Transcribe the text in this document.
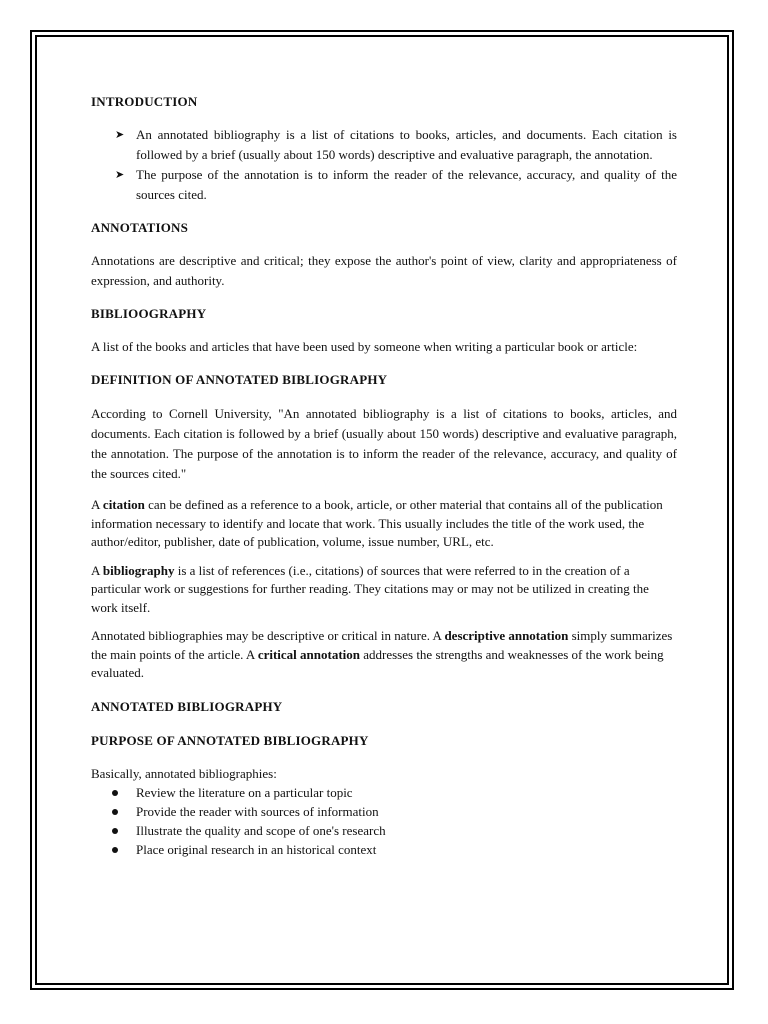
INTRODUCTION
➤ An annotated bibliography is a list of citations to books, articles, and documents. Each citation is followed by a brief (usually about 150 words) descriptive and evaluative paragraph, the annotation.
➤ The purpose of the annotation is to inform the reader of the relevance, accuracy, and quality of the sources cited.
ANNOTATIONS

Annotations are descriptive and critical; they expose the author's point of view, clarity and appropriateness of expression, and authority.

BIBLIOOGRAPHY

A list of the books and articles that have been used by someone when writing a particular book or article:

DEFINITION OF ANNOTATED BIBLIOGRAPHY

According to Cornell University, "An annotated bibliography is a list of citations to books, articles, and documents. Each citation is followed by a brief (usually about 150 words) descriptive and evaluative paragraph, the annotation. The purpose of the annotation is to inform the reader of the relevance, accuracy, and quality of the sources cited."

A citation can be defined as a reference to a book, article, or other material that contains all of the publication information necessary to identify and locate that work. This usually includes the title of the work used, the author/editor, publisher, date of publication, volume, issue number, URL, etc.

A bibliography is a list of references (i.e., citations) of sources that were referred to in the creation of a particular work or suggestions for further reading. They citations may or may not be utilized in creating the work itself.

Annotated bibliographies may be descriptive or critical in nature. A descriptive annotation simply summarizes the main points of the article. A critical annotation addresses the strengths and weaknesses of the work being evaluated.

ANNOTATED BIBLIOGRAPHY
PURPOSE OF ANNOTATED BIBLIOGRAPHY

Basically, annotated bibliographies:

Review the literature on a particular topic
Provide the reader with sources of information
Illustrate the quality and scope of one's research
Place original research in an historical context
